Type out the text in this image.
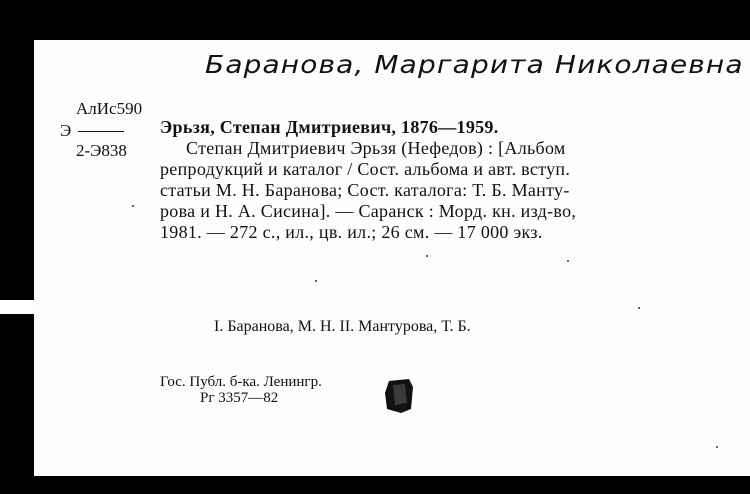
Баранова, Маргарита Николаевна
АлИс590
Э
2-Э838
Эрьзя, Степан Дмитриевич, 1876—1959.
Степан Дмитриевич Эрьзя (Нефедов) : [Альбом
репродукций и каталог / Сост. альбома и авт. вступ.
статьи М. Н. Баранова; Сост. каталога: Т. Б. Манту-
рова и Н. А. Сисина]. — Саранск : Морд. кн. изд-во,
1981. — 272 с., ил., цв. ил.; 26 см. — 17 000 экз.
I. Баранова, М. Н. II. Мантурова, Т. Б.
Гос. Публ. б-ка. Ленингр.
Рг 3357—82
